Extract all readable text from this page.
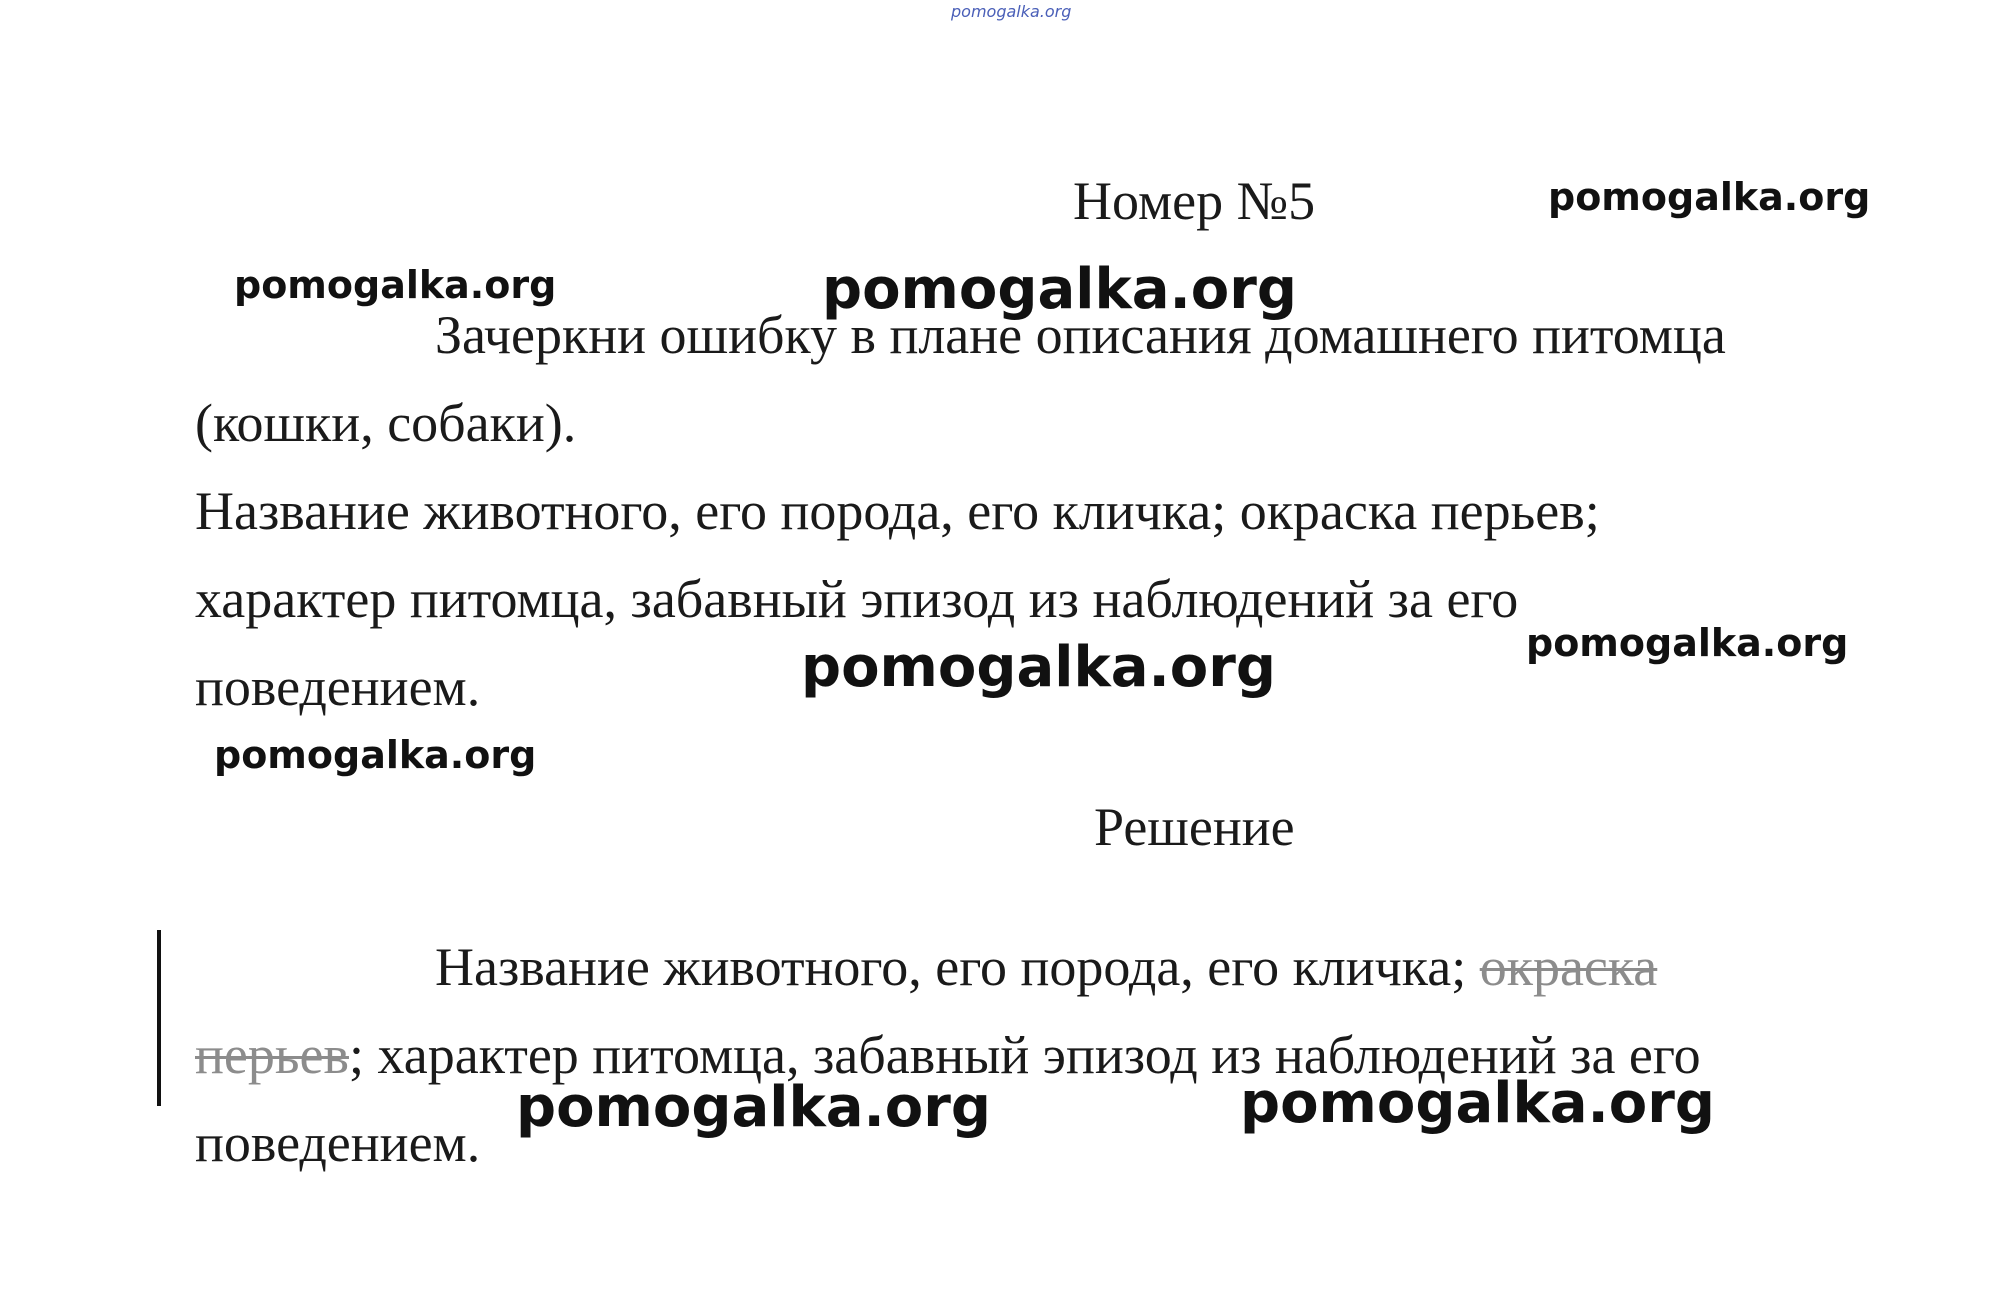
pomogalka.org
Номер №5	pomogalka.org
pomogalka.org	pomogalka.org
Зачеркни ошибку в плане описания домашнего питомца
(кошки, собаки).
Название животного, его порода, его кличка; окраска перьев;
характер питомца, забавный эпизод из наблюдений за его
поведением.	pomogalka.org	pomogalka.org
pomogalka.org
Решение
Название животного, его порода, его кличка; окраска
перьев; характер питомца, забавный эпизод из наблюдений за его
поведением.
pomogalka.org	pomogalka.org
